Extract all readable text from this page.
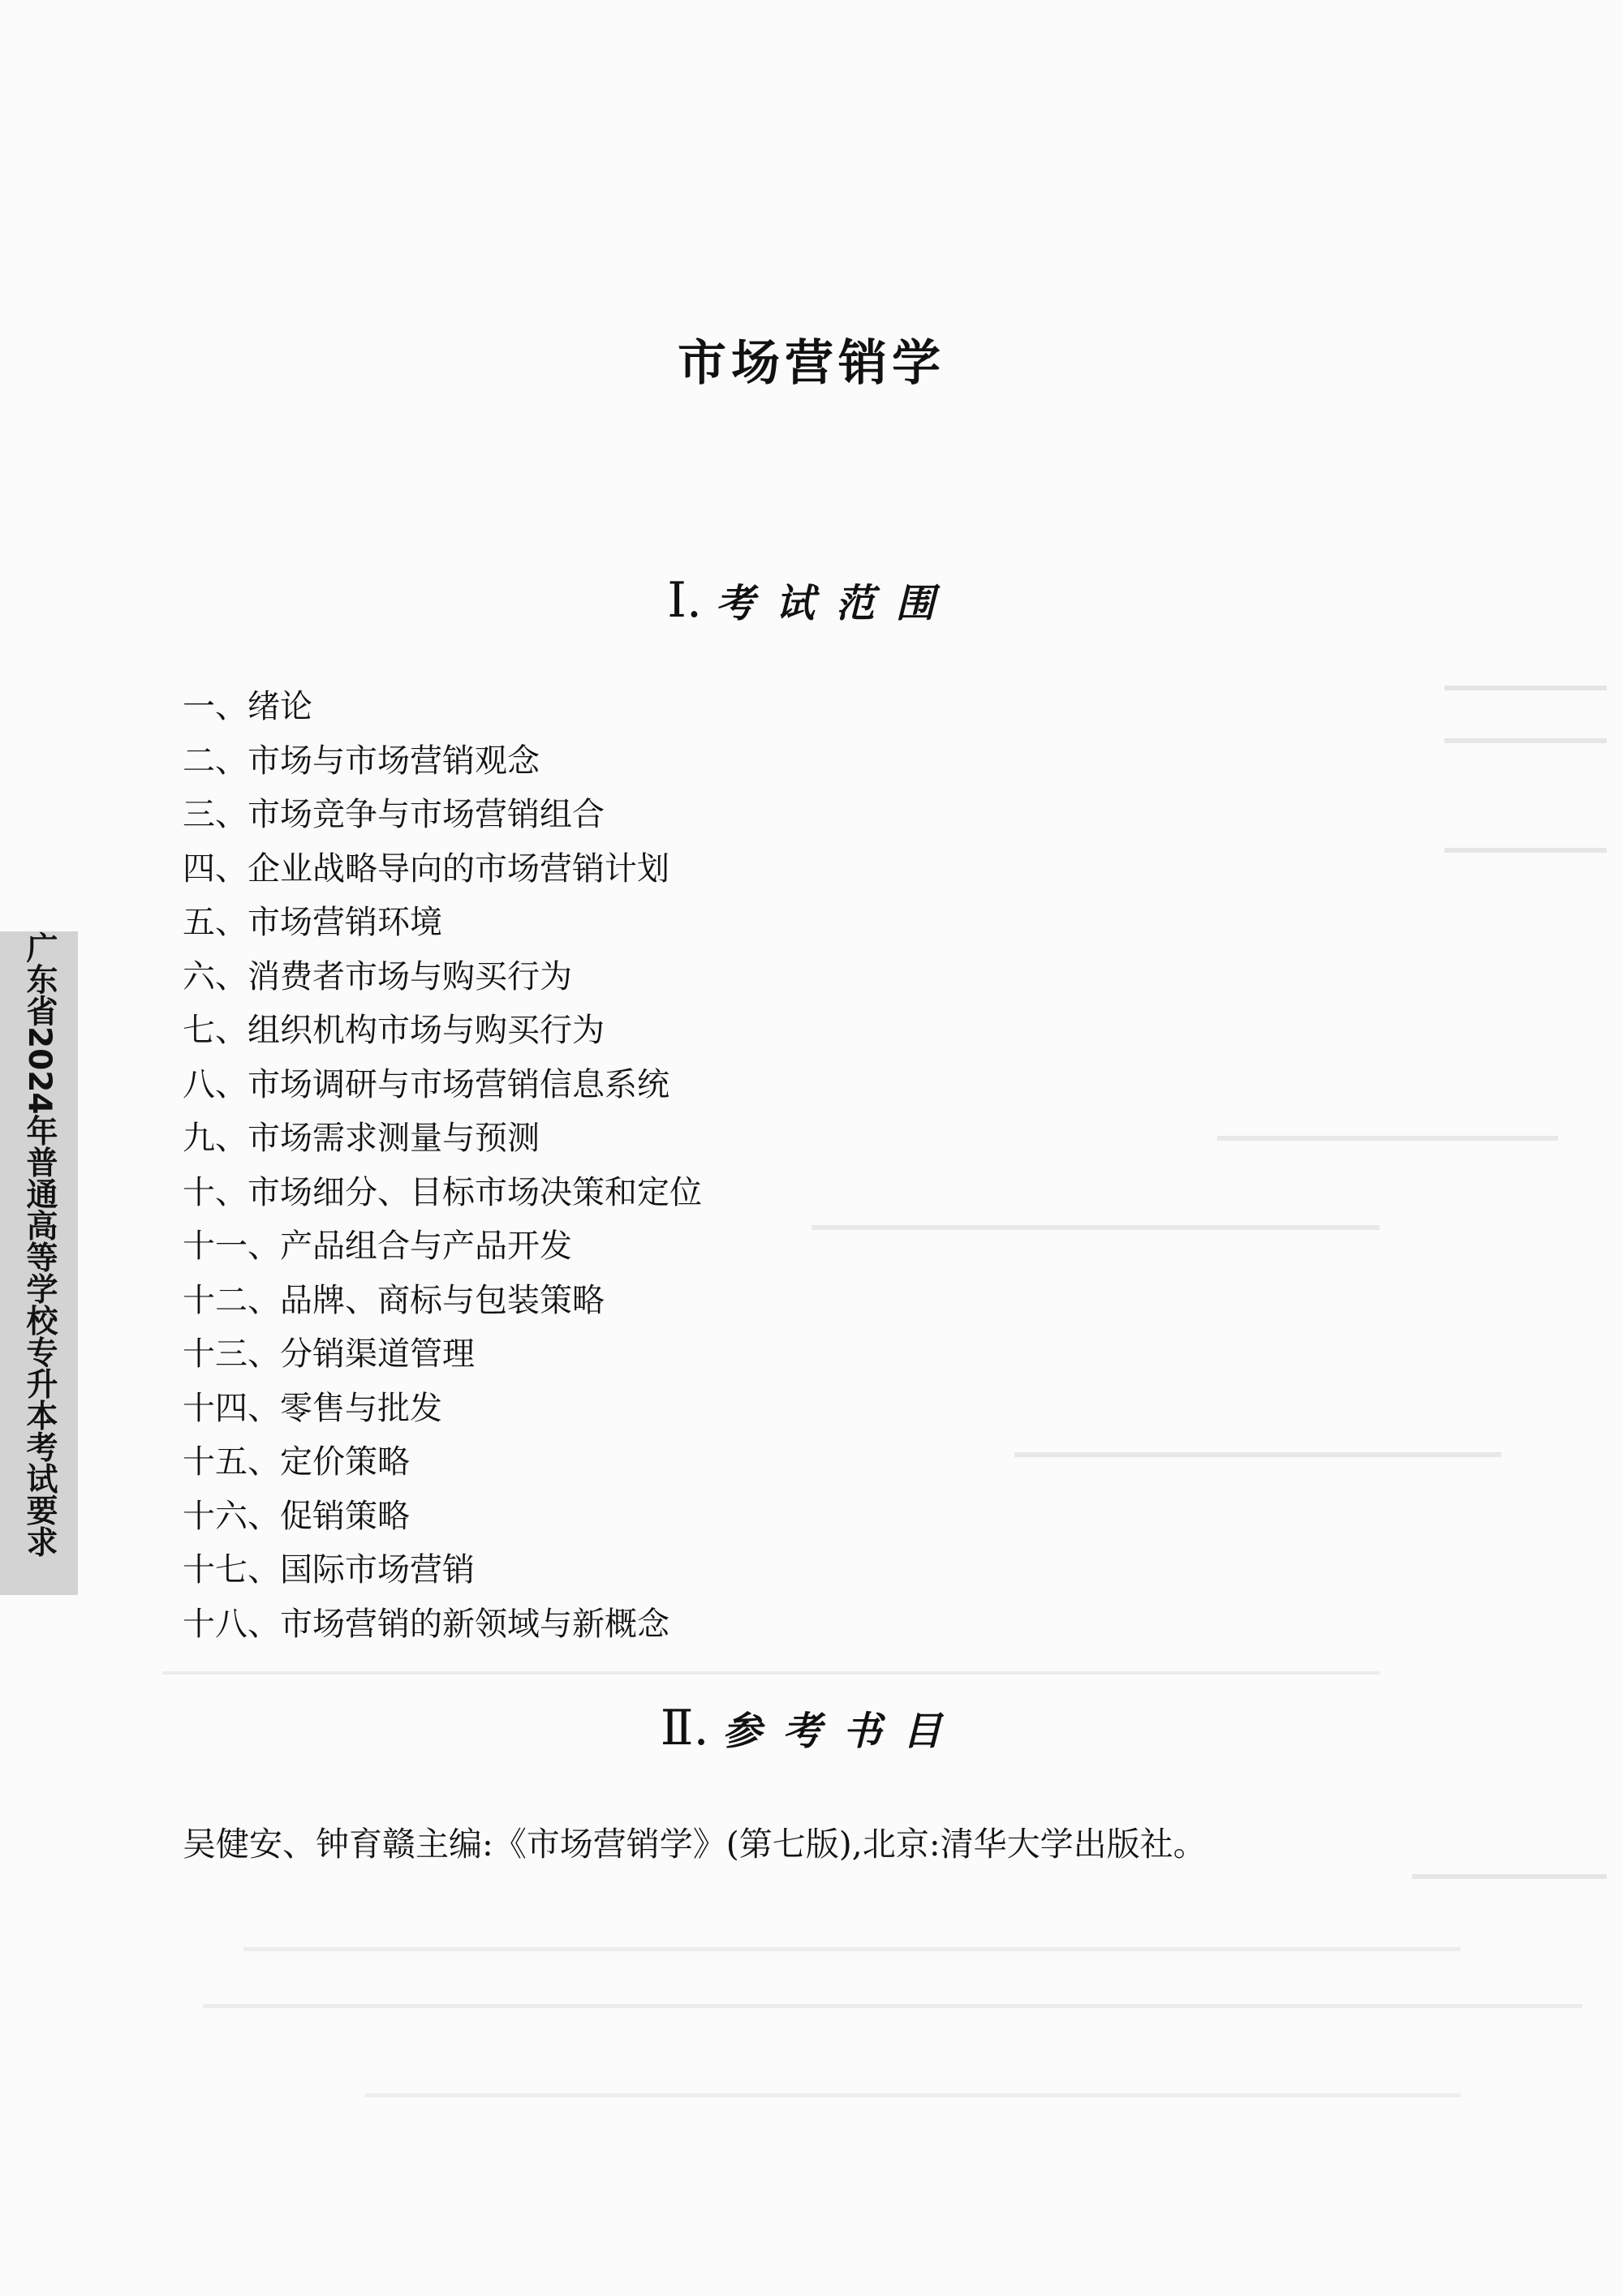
市场营销学
Ⅰ. 考试范围
一、绪论
二、市场与市场营销观念
三、市场竞争与市场营销组合
四、企业战略导向的市场营销计划
五、市场营销环境
六、消费者市场与购买行为
七、组织机构市场与购买行为
八、市场调研与市场营销信息系统
九、市场需求测量与预测
十、市场细分、目标市场决策和定位
十一、产品组合与产品开发
十二、品牌、商标与包装策略
十三、分销渠道管理
十四、零售与批发
十五、定价策略
十六、促销策略
十七、国际市场营销
十八、市场营销的新领域与新概念
Ⅱ. 参考书目
吴健安、钟育赣主编:《市场营销学》(第七版),北京:清华大学出版社。
广东省2024年普通高等学校专升本考试要求
